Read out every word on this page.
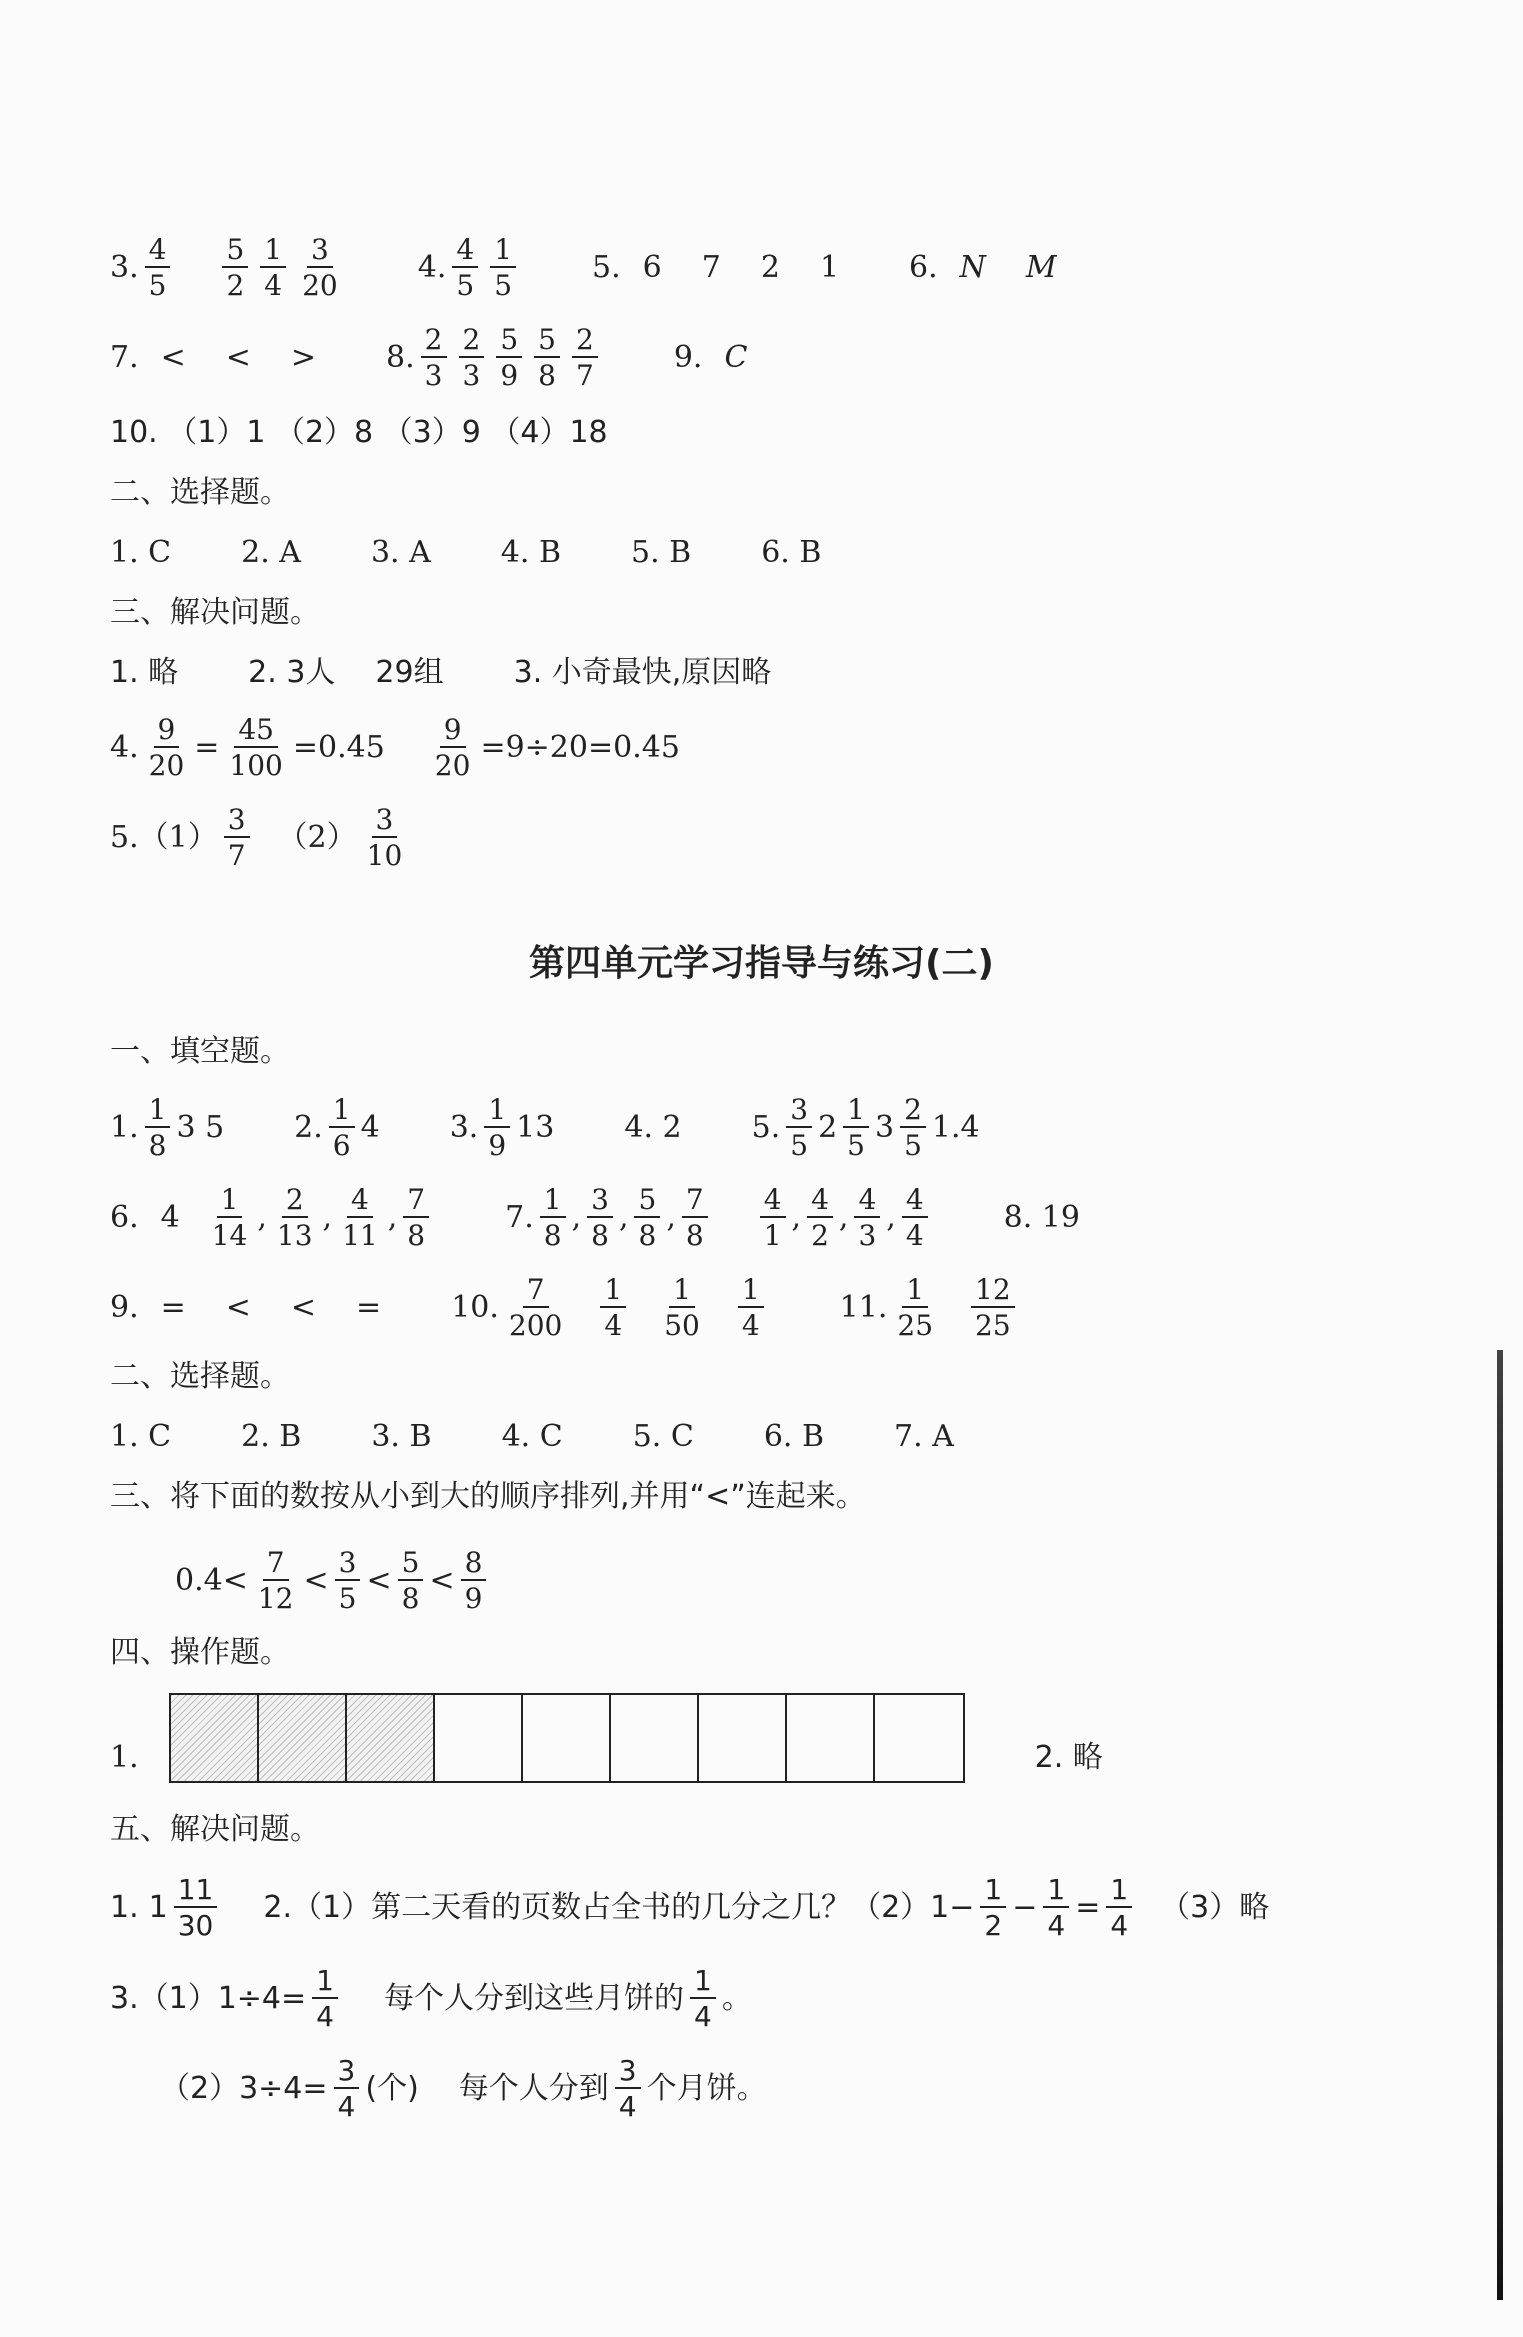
3. $\frac{4}{5} \frac{5}{2} \frac{1}{4} \frac{3}{20}$	4. $\frac{4}{5} \frac{1}{5}$	5. 6 7 2 1 6. N M
7. < < > 8. $\frac{2}{3} \frac{2}{3} \frac{5}{9} \frac{5}{8} \frac{2}{7}$	9. C
10. （1）1 （2）8 （3）9 （4）18
二、选择题。
1. C 2. A 3. A 4. B 5. B 6. B
三、解决问题。
1. 略 2. 3人 29组 3. 小奇最快,原因略
4. $\frac{9}{20} = \frac{45}{100} =0.45 \frac{9}{20} =9\div 20=0.45$
5. $(1) \frac{3}{7} (2) \frac{3}{10}$
第四单元学习指导与练习(二)
一、填空题。
1. $\frac{1}{8} 3$ 5 2. $\frac{1}{6} 4$ 3. $\frac{1}{9} 13$ 4. 2 5. $\frac{3}{5} 2 \frac{1}{5} 3 \frac{2}{5} 1.4$
6. $4 \frac{1}{14}$ , $\frac{2}{13}$ , $\frac{4}{11}$ , $\frac{7}{8}$	7. $\frac{1}{8}$ , $\frac{3}{8}$ , $\frac{5}{8}$ , $\frac{7}{8} \frac{4}{1}$ , $\frac{4}{2}$ , $\frac{4}{3}$ , $\frac{4}{4}$	8. 19
9. = < < = 10. $\frac{7}{200} \frac{1}{4} \frac{1}{50} \frac{1}{4}$	11. $\frac{1}{25} \frac{12}{25}$
二、选择题。
1. C 2. B 3. B 4. C 5. C 6. B 7. A
三、将下面的数按从小到大的顺序排列,并用“<”连起来。
$0.4< \frac{7}{12} < \frac{3}{5} < \frac{5}{8} < \frac{8}{9}$
四、操作题。
1.	2. 略
五、解决问题。
1. $1 \frac{11}{30} 2.(1)$第二天看的页数占全书的几分之几？$(2)1- \frac{1}{2} - \frac{1}{4} = \frac{1}{4} (3)$略
$3.(1)1\div 4= \frac{1}{4}$ 每个人分到这些月饼的 $\frac{1}{4}$ 。
$(2)3\div 4= \frac{3}{4}$ (个) 每个人分到 $\frac{3}{4}$ 个月饼。
